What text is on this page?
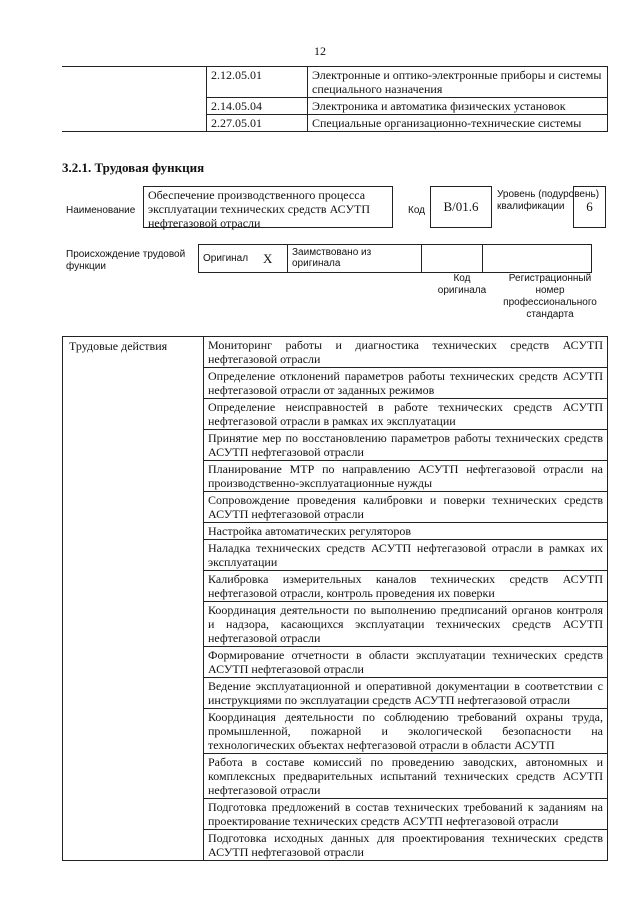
12
	2.12.05.01	Электронные и оптико-электронные приборы и системы специального назначения
	2.14.05.04	Электроника и автоматика физических установок
	2.27.05.01	Специальные организационно-технические системы
3.2.1. Трудовая функция
Наименование
Обеспечение производственного процесса эксплуатации технических средств АСУТП нефтегазовой отрасли
Код	B/01.6
Уровень (подуровень) квалификации	6
Происхождение трудовой функции
Оригинал	X	Заимствовано из оригинала		
Код оригинала
Регистрационный номер профессионального стандарта
Трудовые действия	Мониторинг работы и диагностика технических средств АСУТП нефтегазовой отрасли
Определение отклонений параметров работы технических средств АСУТП нефтегазовой отрасли от заданных режимов
Определение неисправностей в работе технических средств АСУТП нефтегазовой отрасли в рамках их эксплуатации
Принятие мер по восстановлению параметров работы технических средств АСУТП нефтегазовой отрасли
Планирование МТР по направлению АСУТП нефтегазовой отрасли на производственно-эксплуатационные нужды
Сопровождение проведения калибровки и поверки технических средств АСУТП нефтегазовой отрасли
Настройка автоматических регуляторов
Наладка технических средств АСУТП нефтегазовой отрасли в рамках их эксплуатации
Калибровка измерительных каналов технических средств АСУТП нефтегазовой отрасли, контроль проведения их поверки
Координация деятельности по выполнению предписаний органов контроля и надзора, касающихся эксплуатации технических средств АСУТП нефтегазовой отрасли
Формирование отчетности в области эксплуатации технических средств АСУТП нефтегазовой отрасли
Ведение эксплуатационной и оперативной документации в соответствии с инструкциями по эксплуатации средств АСУТП нефтегазовой отрасли
Координация деятельности по соблюдению требований охраны труда, промышленной, пожарной и экологической безопасности на технологических объектах нефтегазовой отрасли в области АСУТП
Работа в составе комиссий по проведению заводских, автономных и комплексных предварительных испытаний технических средств АСУТП нефтегазовой отрасли
Подготовка предложений в состав технических требований к заданиям на проектирование технических средств АСУТП нефтегазовой отрасли
Подготовка исходных данных для проектирования технических средств АСУТП нефтегазовой отрасли
